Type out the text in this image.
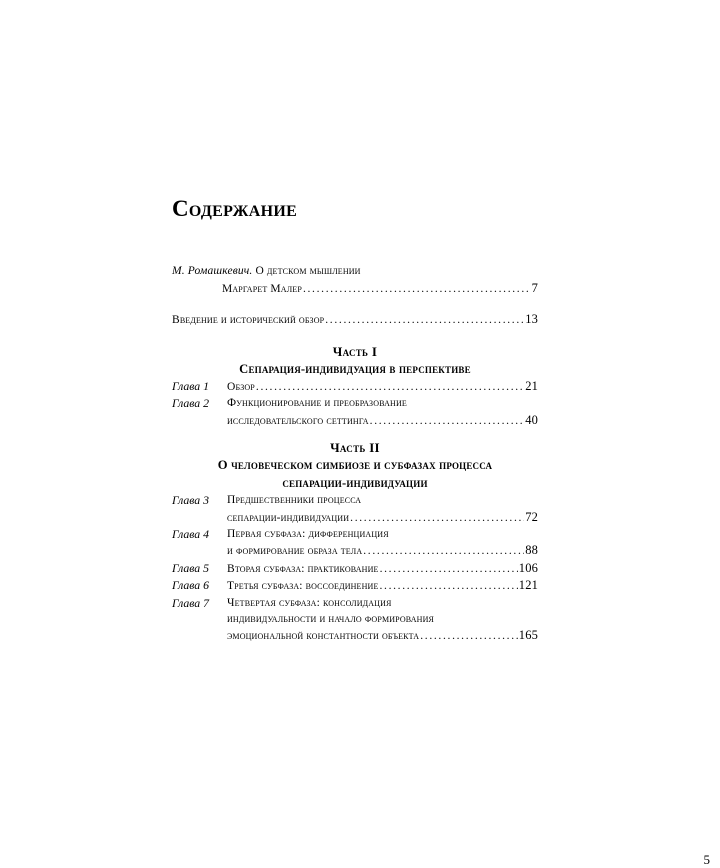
Содержание
М. Ромашкевич. О детском мышлении
Маргарет Малер . . .	7
Введение и исторический обзор . . .	13
Часть I
Сепарация-индивидуация в перспективе
Глава 1	Обзор . . .	21
Глава 2	Функционирование и преобразование
исследовательского сеттинга . . .	40
Часть II
О человеческом симбиозе и субфазах процесса
сепарации-индивидуации
Глава 3	Предшественники процесса
сепарации-индивидуации . . .	72
Глава 4	Первая субфаза: дифференциация
и формирование образа тела . . .	88
Глава 5	Вторая субфаза: практикование . . .	106
Глава 6	Третья субфаза: воссоединение . . .	121
Глава 7	Четвертая субфаза: консолидация
индивидуальности и начало формирования
эмоциональной константности объекта . . .	165
5
